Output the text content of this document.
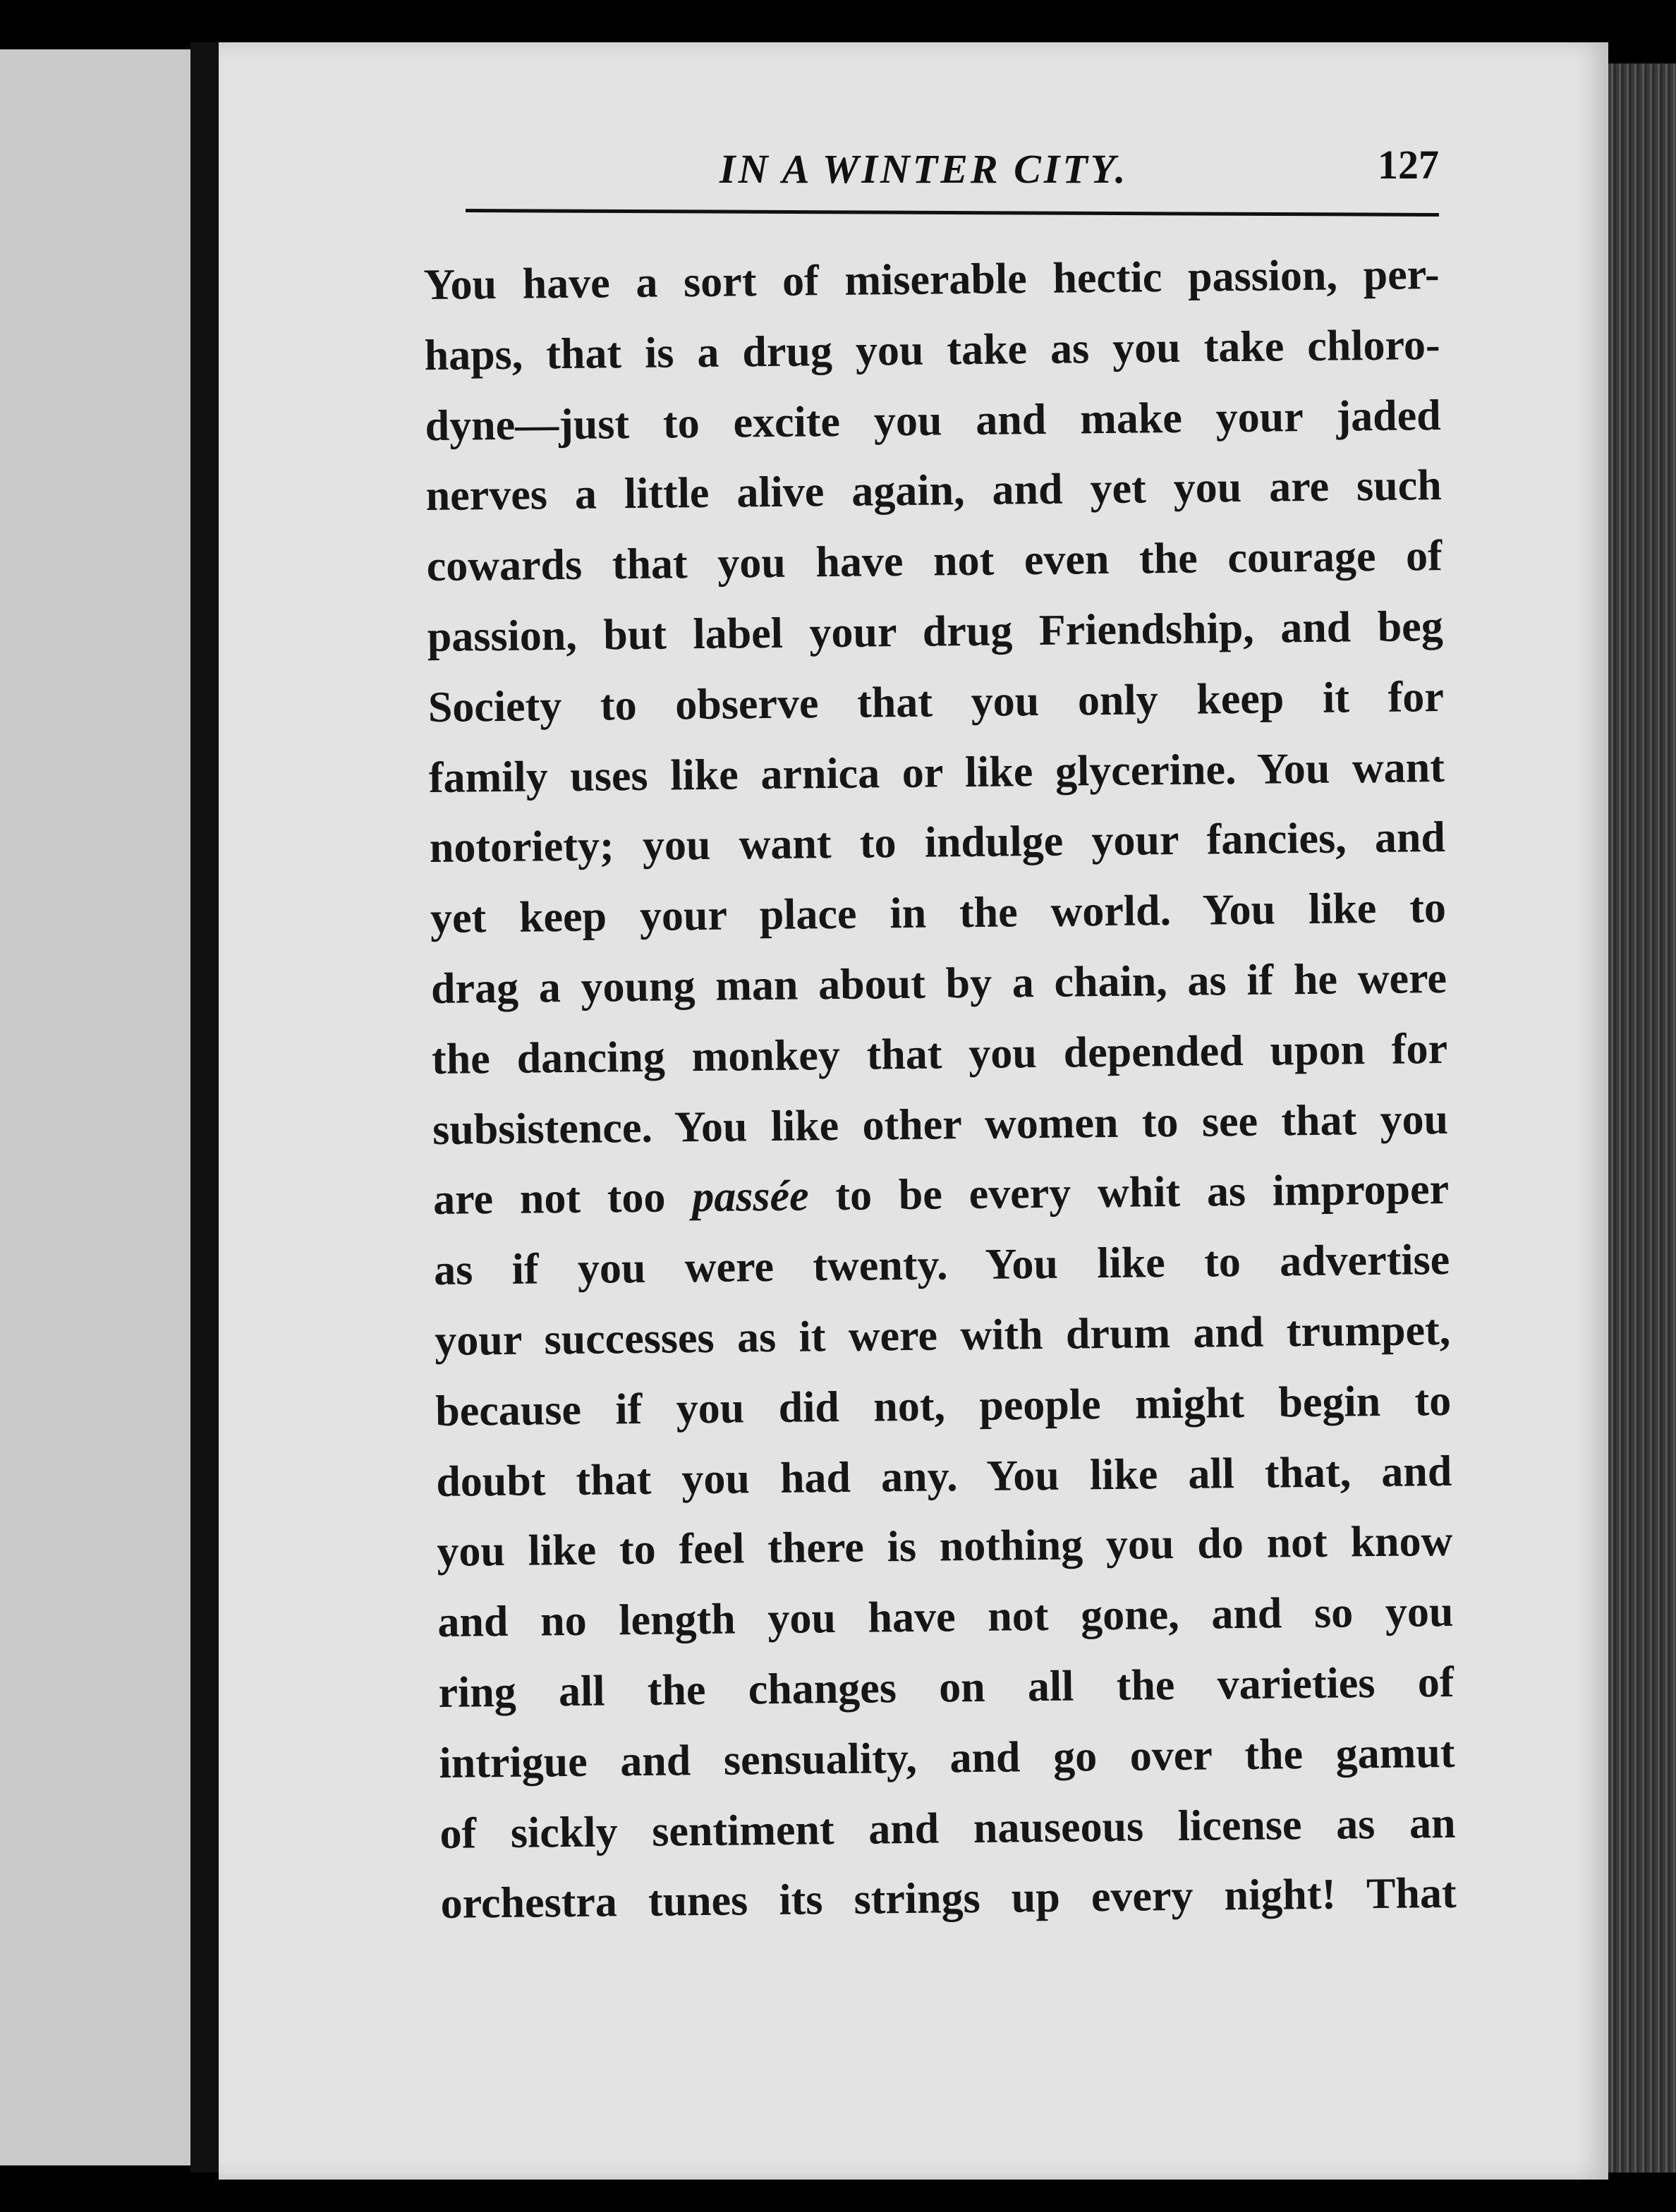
IN A WINTER CITY.	127
You have a sort of miserable hectic passion, per-
haps, that is a drug you take as you take chloro-
dyne—just to excite you and make your jaded
nerves a little alive again, and yet you are such
cowards that you have not even the courage of
passion, but label your drug Friendship, and beg
Society to observe that you only keep it for
family uses like arnica or like glycerine. You want
notoriety; you want to indulge your fancies, and
yet keep your place in the world. You like to
drag a young man about by a chain, as if he were
the dancing monkey that you depended upon for
subsistence. You like other women to see that you
are not too passée to be every whit as improper
as if you were twenty. You like to advertise
your successes as it were with drum and trumpet,
because if you did not, people might begin to
doubt that you had any. You like all that, and
you like to feel there is nothing you do not know
and no length you have not gone, and so you
ring all the changes on all the varieties of
intrigue and sensuality, and go over the gamut
of sickly sentiment and nauseous license as an
orchestra tunes its strings up every night! That
